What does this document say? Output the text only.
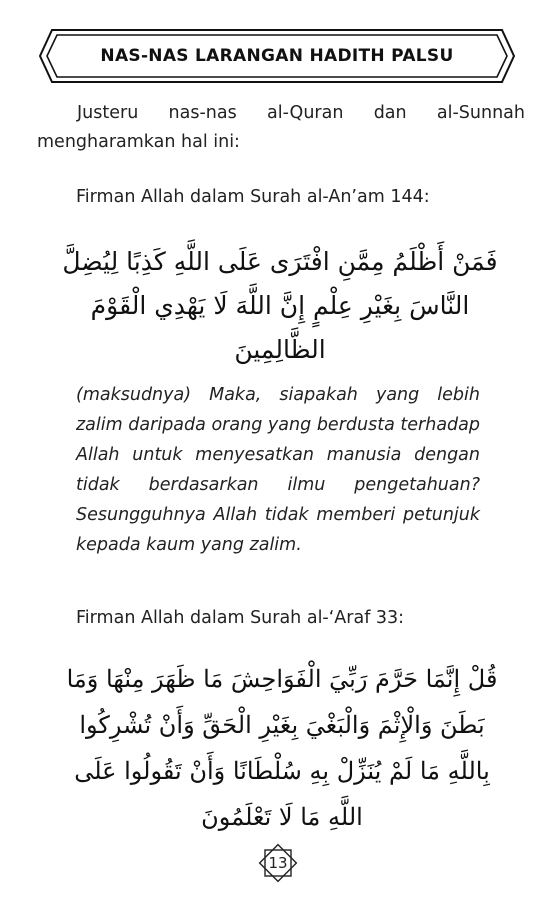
NAS-NAS LARANGAN HADITH PALSU
Justeru nas-nas al-Quran dan al-Sunnah mengharamkan hal ini:
Firman Allah dalam Surah al-An’am 144:
فَمَنْ أَظْلَمُ مِمَّنِ افْتَرَى عَلَى اللَّهِ كَذِبًا لِيُضِلَّ النَّاسَ بِغَيْرِ عِلْمٍ إِنَّ اللَّهَ لَا يَهْدِي الْقَوْمَ الظَّالِمِينَ
(maksudnya) Maka, siapakah yang lebih zalim daripada orang yang berdusta terhadap Allah untuk menyesatkan manusia dengan tidak berdasarkan ilmu pengetahuan? Sesungguhnya Allah tidak memberi petunjuk kepada kaum yang zalim.
Firman Allah dalam Surah al-‘Araf 33:
قُلْ إِنَّمَا حَرَّمَ رَبِّيَ الْفَوَاحِشَ مَا ظَهَرَ مِنْهَا وَمَا بَطَنَ وَالْإِثْمَ وَالْبَغْيَ بِغَيْرِ الْحَقِّ وَأَنْ تُشْرِكُوا بِاللَّهِ مَا لَمْ يُنَزِّلْ بِهِ سُلْطَانًا وَأَنْ تَقُولُوا عَلَى اللَّهِ مَا لَا تَعْلَمُونَ
13
